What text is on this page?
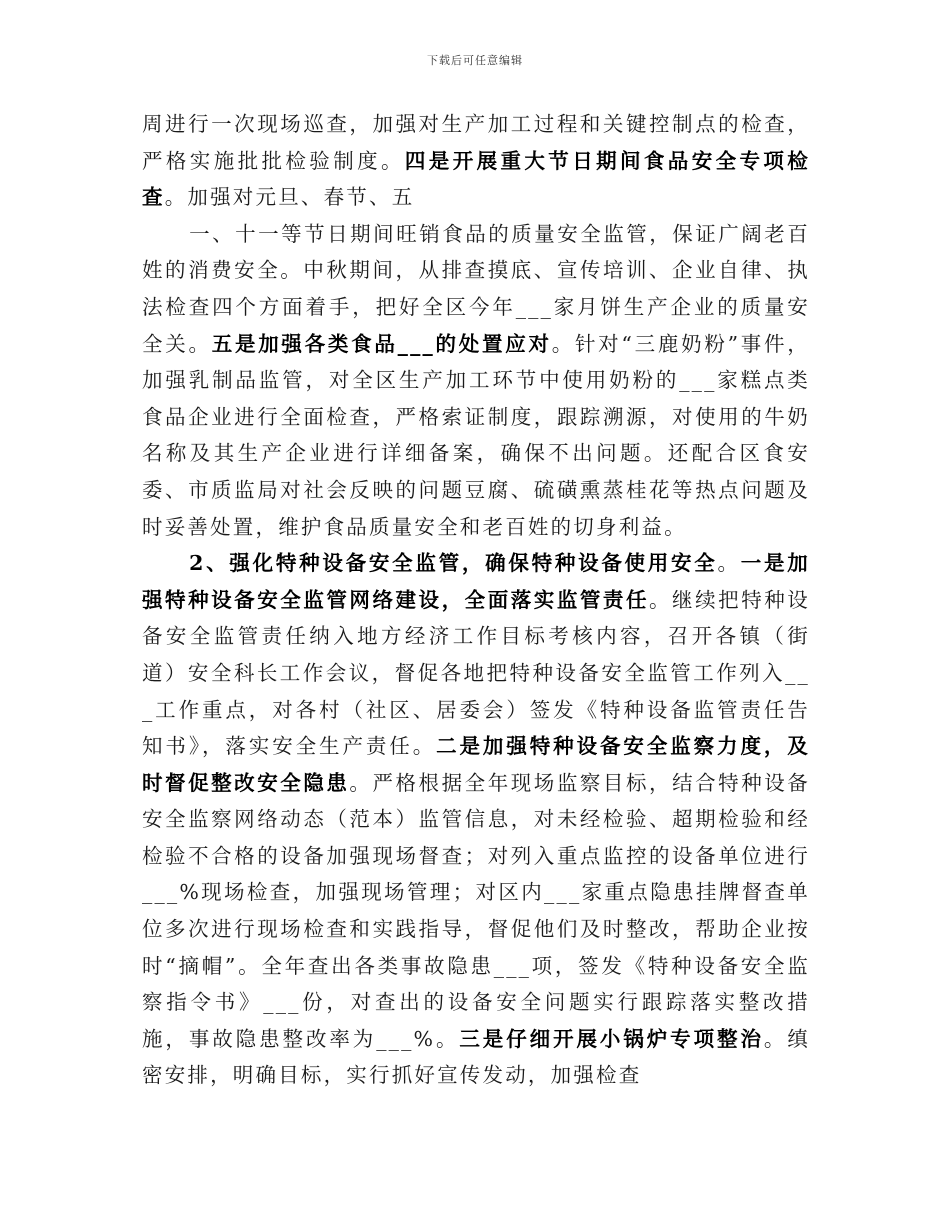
下载后可任意编辑

周进行一次现场巡查，加强对生产加工过程和关键控制点的检查，严格实施批批检验制度。四是开展重大节日期间食品安全专项检查。加强对元旦、春节、五

一、十一等节日期间旺销食品的质量安全监管，保证广阔老百姓的消费安全。中秋期间，从排查摸底、宣传培训、企业自律、执法检查四个方面着手，把好全区今年___家月饼生产企业的质量安全关。五是加强各类食品___的处置应对。针对“三鹿奶粉”事件，加强乳制品监管，对全区生产加工环节中使用奶粉的___家糕点类食品企业进行全面检查，严格索证制度，跟踪溯源，对使用的牛奶名称及其生产企业进行详细备案，确保不出问题。还配合区食安委、市质监局对社会反映的问题豆腐、硫磺熏蒸桂花等热点问题及时妥善处置，维护食品质量安全和老百姓的切身利益。

2、强化特种设备安全监管，确保特种设备使用安全。一是加强特种设备安全监管网络建设，全面落实监管责任。继续把特种设备安全监管责任纳入地方经济工作目标考核内容，召开各镇（街道）安全科长工作会议，督促各地把特种设备安全监管工作列入___工作重点，对各村（社区、居委会）签发《特种设备监管责任告知书》，落实安全生产责任。二是加强特种设备安全监察力度，及时督促整改安全隐患。严格根据全年现场监察目标，结合特种设备安全监察网络动态（范本）监管信息，对未经检验、超期检验和经检验不合格的设备加强现场督查；对列入重点监控的设备单位进行___%现场检查，加强现场管理；对区内___家重点隐患挂牌督查单位多次进行现场检查和实践指导，督促他们及时整改，帮助企业按时“摘帽”。全年查出各类事故隐患___项，签发《特种设备安全监察指令书》___份，对查出的设备安全问题实行跟踪落实整改措施，事故隐患整改率为___%。三是仔细开展小锅炉专项整治。缜密安排，明确目标，实行抓好宣传发动，加强检查
